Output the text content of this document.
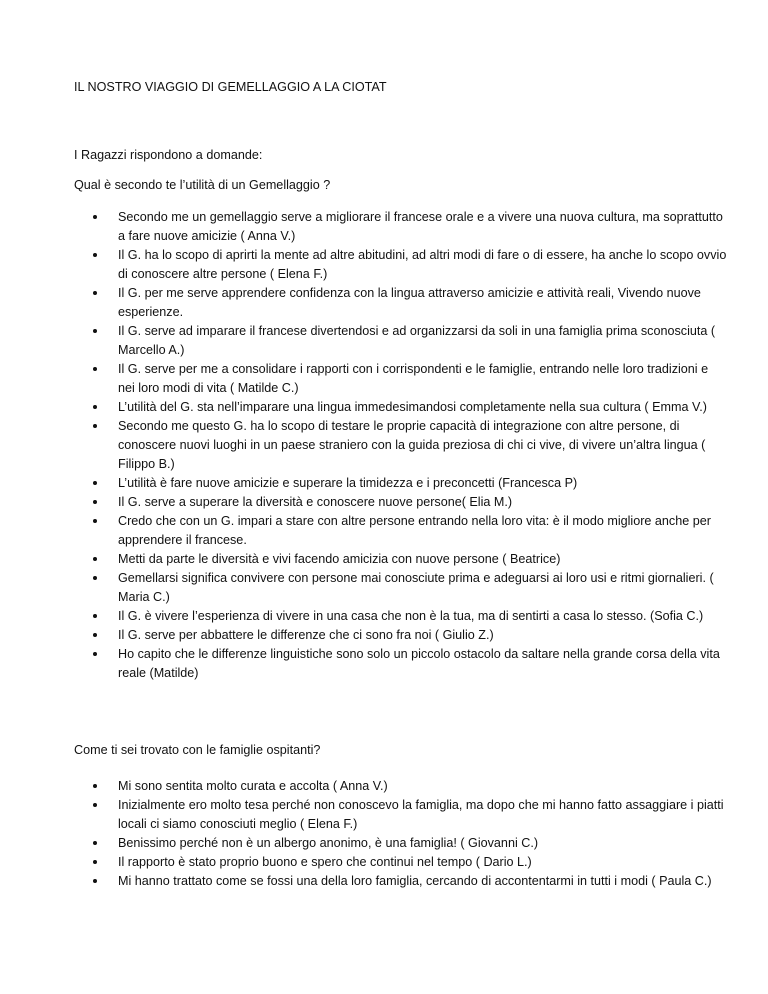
IL NOSTRO VIAGGIO DI GEMELLAGGIO A LA CIOTAT
I Ragazzi rispondono a domande:
Qual è secondo te l’utilità di un Gemellaggio ?
Secondo me un gemellaggio serve a migliorare il francese orale e a vivere una nuova cultura, ma soprattutto a fare nuove amicizie ( Anna V.)
Il G. ha lo scopo di aprirti la mente ad altre abitudini, ad altri modi di fare o di essere, ha anche lo scopo ovvio di conoscere altre persone ( Elena F.)
Il G. per me serve apprendere confidenza con la lingua attraverso amicizie e attività reali, Vivendo nuove esperienze.
Il G. serve ad imparare il francese divertendosi e ad organizzarsi da soli in una famiglia prima sconosciuta ( Marcello A.)
Il G. serve per me a consolidare i rapporti con i corrispondenti e le famiglie, entrando nelle loro tradizioni e nei loro modi di vita ( Matilde C.)
L’utilità del G. sta nell’imparare una lingua immedesimandosi completamente nella sua cultura ( Emma V.)
Secondo me questo G. ha lo scopo di testare le proprie capacità di integrazione con altre persone, di conoscere nuovi luoghi in un paese straniero con la guida preziosa di chi ci vive, di vivere un’altra lingua ( Filippo B.)
L’utilità è fare nuove amicizie e superare la timidezza e i preconcetti (Francesca P)
Il G. serve a superare la diversità e conoscere nuove persone( Elia M.)
Credo che con un G. impari a stare con altre persone entrando nella loro vita: è il modo migliore anche per apprendere il francese.
Metti da parte le diversità e vivi facendo amicizia con nuove persone ( Beatrice)
Gemellarsi significa convivere con persone mai conosciute prima e adeguarsi ai loro usi e ritmi giornalieri. ( Maria C.)
Il G. è vivere l’esperienza di vivere in una casa che non è la tua, ma di sentirti a casa lo stesso. (Sofia C.)
Il G. serve per abbattere le differenze che ci sono fra noi ( Giulio Z.)
Ho capito che le differenze linguistiche sono solo un piccolo ostacolo da saltare nella grande corsa della vita reale (Matilde)
Come ti sei trovato con le famiglie ospitanti?
Mi sono sentita molto curata e accolta ( Anna V.)
Inizialmente ero molto tesa perché non conoscevo la famiglia, ma dopo che mi hanno fatto assaggiare i piatti locali ci siamo conosciuti meglio ( Elena F.)
Benissimo perché non è un albergo anonimo, è una famiglia! ( Giovanni C.)
Il rapporto è stato proprio buono e spero che continui nel tempo ( Dario L.)
Mi hanno trattato come se fossi una della loro famiglia, cercando di accontentarmi in tutti i modi ( Paula C.)
